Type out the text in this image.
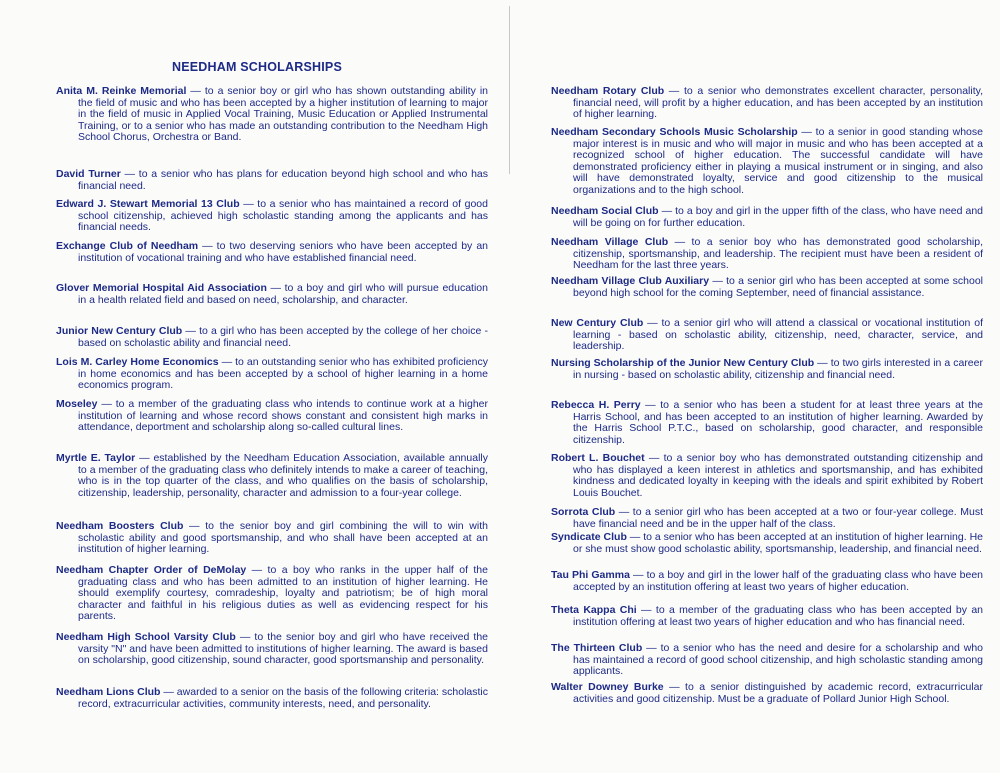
NEEDHAM SCHOLARSHIPS
Anita M. Reinke Memorial — to a senior boy or girl who has shown outstanding ability in the field of music and who has been accepted by a higher institution of learning to major in the field of music in Applied Vocal Training, Music Education or Applied Instrumental Training, or to a senior who has made an outstanding contribution to the Needham High School Chorus, Orchestra or Band.
David Turner — to a senior who has plans for education beyond high school and who has financial need.
Edward J. Stewart Memorial 13 Club — to a senior who has maintained a record of good school citizenship, achieved high scholastic standing among the applicants and has financial needs.
Exchange Club of Needham — to two deserving seniors who have been accepted by an institution of vocational training and who have established financial need.
Glover Memorial Hospital Aid Association — to a boy and girl who will pursue education in a health related field and based on need, scholarship, and character.
Junior New Century Club — to a girl who has been accepted by the college of her choice - based on scholastic ability and financial need.
Lois M. Carley Home Economics — to an outstanding senior who has exhibited proficiency in home economics and has been accepted by a school of higher learning in a home economics program.
Moseley — to a member of the graduating class who intends to continue work at a higher institution of learning and whose record shows constant and consistent high marks in attendance, deportment and scholarship along so-called cultural lines.
Myrtle E. Taylor — established by the Needham Education Association, available annually to a member of the graduating class who definitely intends to make a career of teaching, who is in the top quarter of the class, and who qualifies on the basis of scholarship, citizenship, leadership, personality, character and admission to a four-year college.
Needham Boosters Club — to the senior boy and girl combining the will to win with scholastic ability and good sportsmanship, and who shall have been accepted at an institution of higher learning.
Needham Chapter Order of DeMolay — to a boy who ranks in the upper half of the graduating class and who has been admitted to an institution of higher learning. He should exemplify courtesy, comradeship, loyalty and patriotism; be of high moral character and faithful in his religious duties as well as evidencing respect for his parents.
Needham High School Varsity Club — to the senior boy and girl who have received the varsity "N" and have been admitted to institutions of higher learning. The award is based on scholarship, good citizenship, sound character, good sportsmanship and personality.
Needham Lions Club — awarded to a senior on the basis of the following criteria: scholastic record, extracurricular activities, community interests, need, and personality.
Needham Rotary Club — to a senior who demonstrates excellent character, personality, financial need, will profit by a higher education, and has been accepted by an institution of higher learning.
Needham Secondary Schools Music Scholarship — to a senior in good standing whose major interest is in music and who will major in music and who has been accepted at a recognized school of higher education. The successful candidate will have demonstrated proficiency either in playing a musical instrument or in singing, and also will have demonstrated loyalty, service and good citizenship to the musical organizations and to the high school.
Needham Social Club — to a boy and girl in the upper fifth of the class, who have need and will be going on for further education.
Needham Village Club — to a senior boy who has demonstrated good scholarship, citizenship, sportsmanship, and leadership. The recipient must have been a resident of Needham for the last three years.
Needham Village Club Auxiliary — to a senior girl who has been accepted at some school beyond high school for the coming September, need of financial assistance.
New Century Club — to a senior girl who will attend a classical or vocational institution of learning - based on scholastic ability, citizenship, need, character, service, and leadership.
Nursing Scholarship of the Junior New Century Club — to two girls interested in a career in nursing - based on scholastic ability, citizenship and financial need.
Rebecca H. Perry — to a senior who has been a student for at least three years at the Harris School, and has been accepted to an institution of higher learning. Awarded by the Harris School P.T.C., based on scholarship, good character, and responsible citizenship.
Robert L. Bouchet — to a senior boy who has demonstrated outstanding citizenship and who has displayed a keen interest in athletics and sportsmanship, and has exhibited kindness and dedicated loyalty in keeping with the ideals and spirit exhibited by Robert Louis Bouchet.
Sorrota Club — to a senior girl who has been accepted at a two or four-year college. Must have financial need and be in the upper half of the class.
Syndicate Club — to a senior who has been accepted at an institution of higher learning. He or she must show good scholastic ability, sportsmanship, leadership, and financial need.
Tau Phi Gamma — to a boy and girl in the lower half of the graduating class who have been accepted by an institution offering at least two years of higher education.
Theta Kappa Chi — to a member of the graduating class who has been accepted by an institution offering at least two years of higher education and who has financial need.
The Thirteen Club — to a senior who has the need and desire for a scholarship and who has maintained a record of good school citizenship, and high scholastic standing among applicants.
Walter Downey Burke — to a senior distinguished by academic record, extracurricular activities and good citizenship. Must be a graduate of Pollard Junior High School.
